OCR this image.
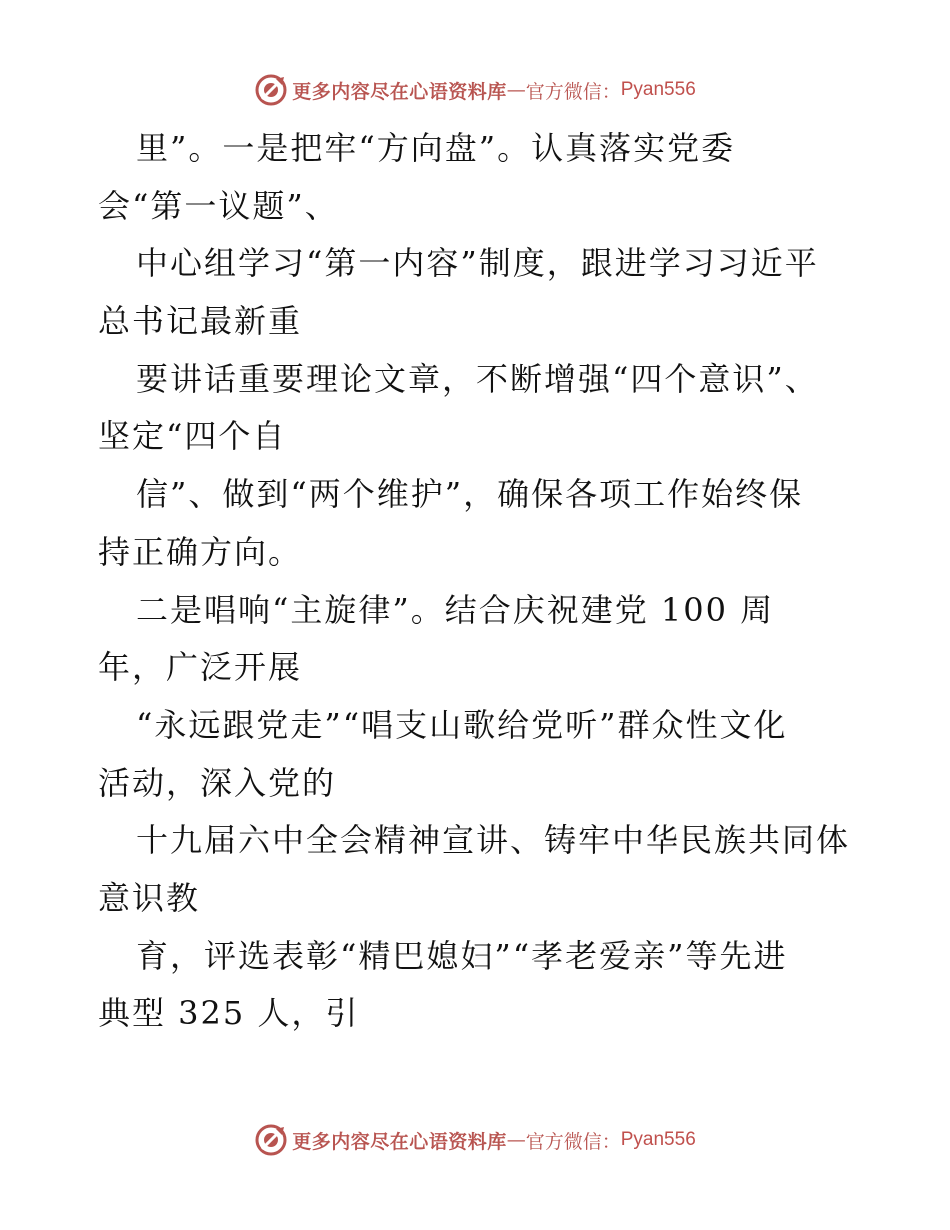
更多内容尽在心语资料库 — 官方微信： Pyan556
里”。一是把牢“方向盘”。认真落实党委
会“第一议题”、
中心组学习“第一内容”制度，跟进学习习近平
总书记最新重
要讲话重要理论文章，不断增强“四个意识”、
坚定“四个自
信”、做到“两个维护”，确保各项工作始终保
持正确方向。
二是唱响“主旋律”。结合庆祝建党 100 周
年，广泛开展
“永远跟党走”“唱支山歌给党听”群众性文化
活动，深入党的
十九届六中全会精神宣讲、铸牢中华民族共同体
意识教
育，评选表彰“精巴媳妇”“孝老爱亲”等先进
典型 325 人，引
更多内容尽在心语资料库 — 官方微信： Pyan556
